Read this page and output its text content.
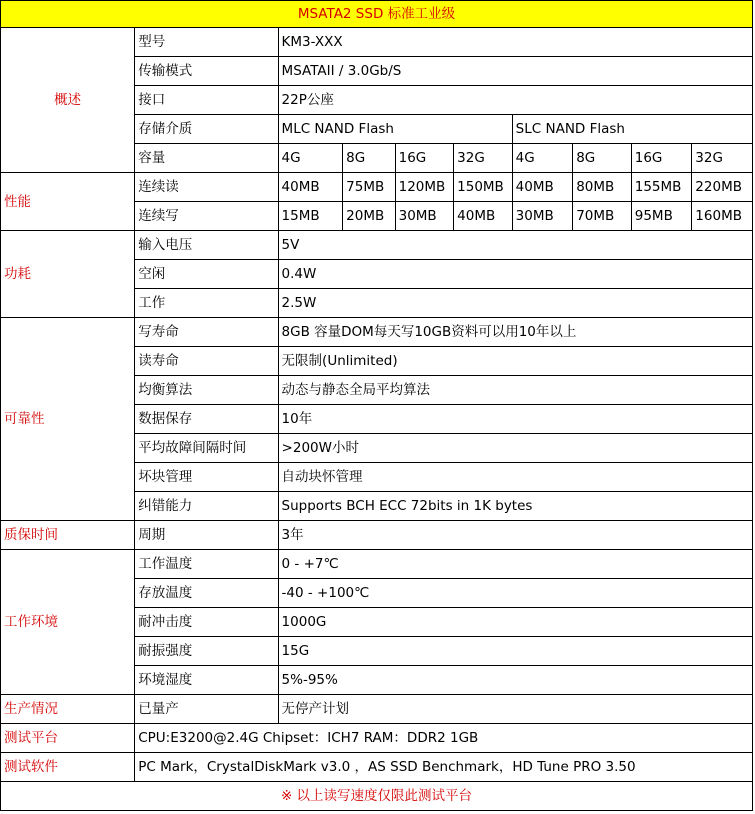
MSATA2 SSD 标准工业级									
概述	型号	KM3-XXX							
	传输模式	MSATAII / 3.0Gb/S							
	接口	22P公座							
	存储介质	MLC NAND Flash				SLC NAND Flash			
	容量	4G	8G	16G	32G	4G	8G	16G	32G
性能	连续读	40MB	75MB	120MB	150MB	40MB	80MB	155MB	220MB
	连续写	15MB	20MB	30MB	40MB	30MB	70MB	95MB	160MB
功耗	输入电压	5V							
	空闲	0.4W							
	工作	2.5W							
可靠性	写寿命	8GB 容量DOM每天写10GB资料可以用10年以上							
	读寿命	无限制(Unlimited)							
	均衡算法	动态与静态全局平均算法							
	数据保存	10年							
	平均故障间隔时间	>200W小时							
	坏块管理	自动块怀管理							
	纠错能力	Supports BCH ECC 72bits in 1K bytes							
质保时间	周期	3年							
工作环境	工作温度	0 - +7℃							
	存放温度	-40 - +100℃							
	耐冲击度	1000G							
	耐振强度	15G							
	环境湿度	5%-95%							
生产情况	已量产	无停产计划							
测试平台	CPU:E3200@2.4G Chipset：ICH7 RAM：DDR2 1GB								
测试软件	PC Mark，CrystalDiskMark v3.0 ，AS SSD Benchmark，HD Tune PRO 3.50								
※ 以上读写速度仅限此测试平台									
